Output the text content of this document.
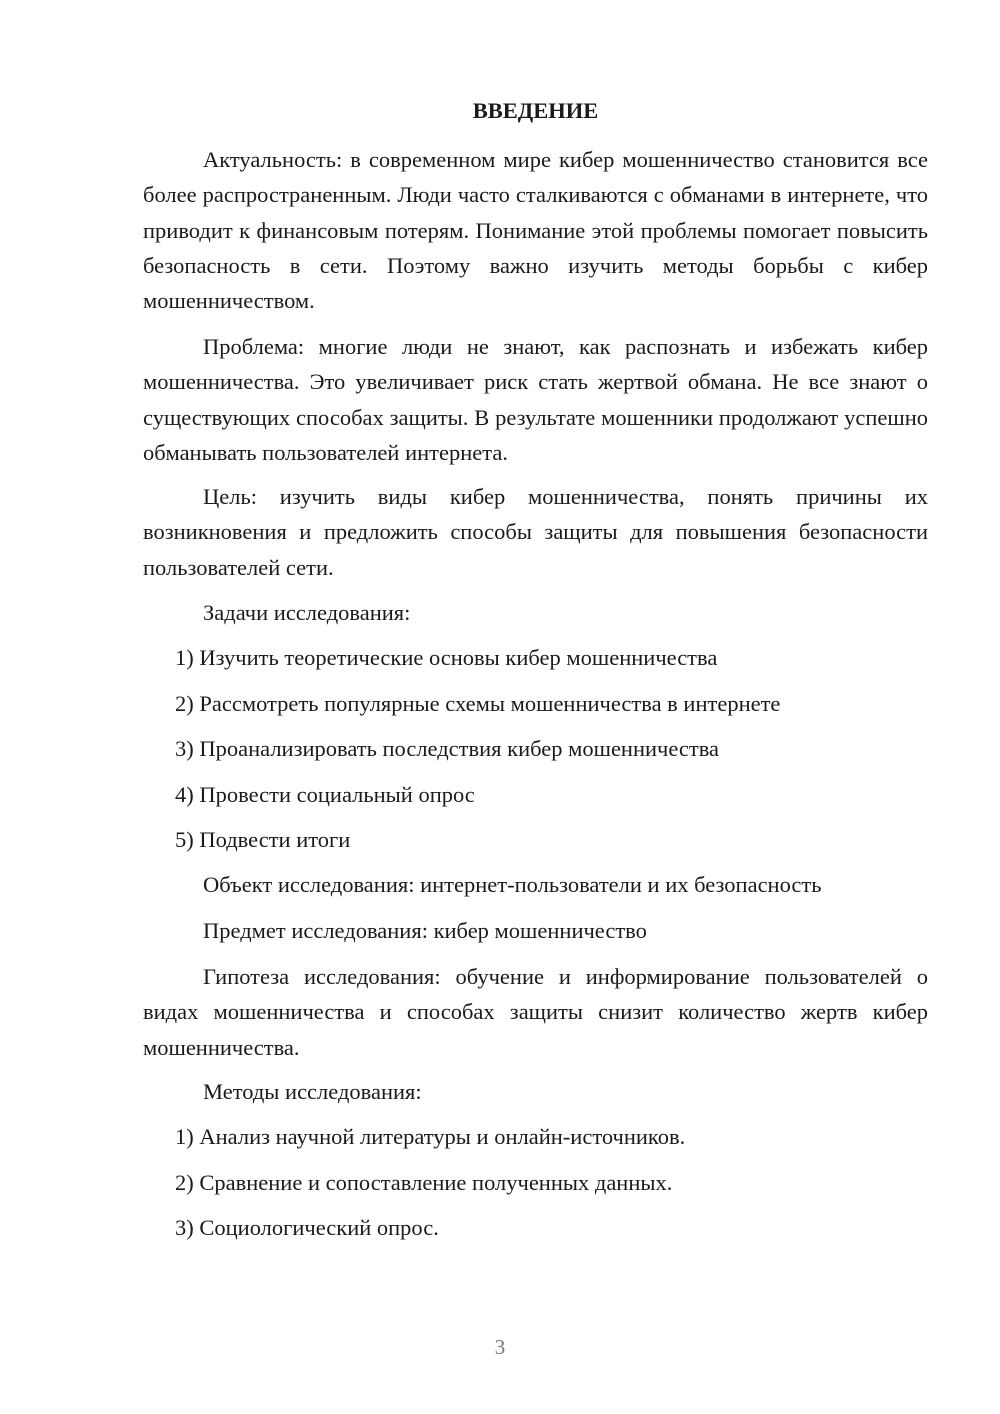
ВВЕДЕНИЕ

Актуальность: в современном мире кибер мошенничество становится все более распространенным. Люди часто сталкиваются с обманами в интернете, что приводит к финансовым потерям. Понимание этой проблемы помогает повысить безопасность в сети. Поэтому важно изучить методы борьбы с кибер мошенничеством.

Проблема: многие люди не знают, как распознать и избежать кибер мошенничества. Это увеличивает риск стать жертвой обмана. Не все знают о существующих способах защиты. В результате мошенники продолжают успешно обманывать пользователей интернета.

Цель: изучить виды кибер мошенничества, понять причины их возникновения и предложить способы защиты для повышения безопасности пользователей сети.

Задачи исследования:

1) Изучить теоретические основы кибер мошенничества

2) Рассмотреть популярные схемы мошенничества в интернете

3) Проанализировать последствия кибер мошенничества

4) Провести социальный опрос

5) Подвести итоги

Объект исследования: интернет-пользователи и их безопасность

Предмет исследования: кибер мошенничество

Гипотеза исследования: обучение и информирование пользователей о видах мошенничества и способах защиты снизит количество жертв кибер мошенничества.

Методы исследования:

1) Анализ научной литературы и онлайн-источников.

2) Сравнение и сопоставление полученных данных.

3) Социологический опрос.

3
